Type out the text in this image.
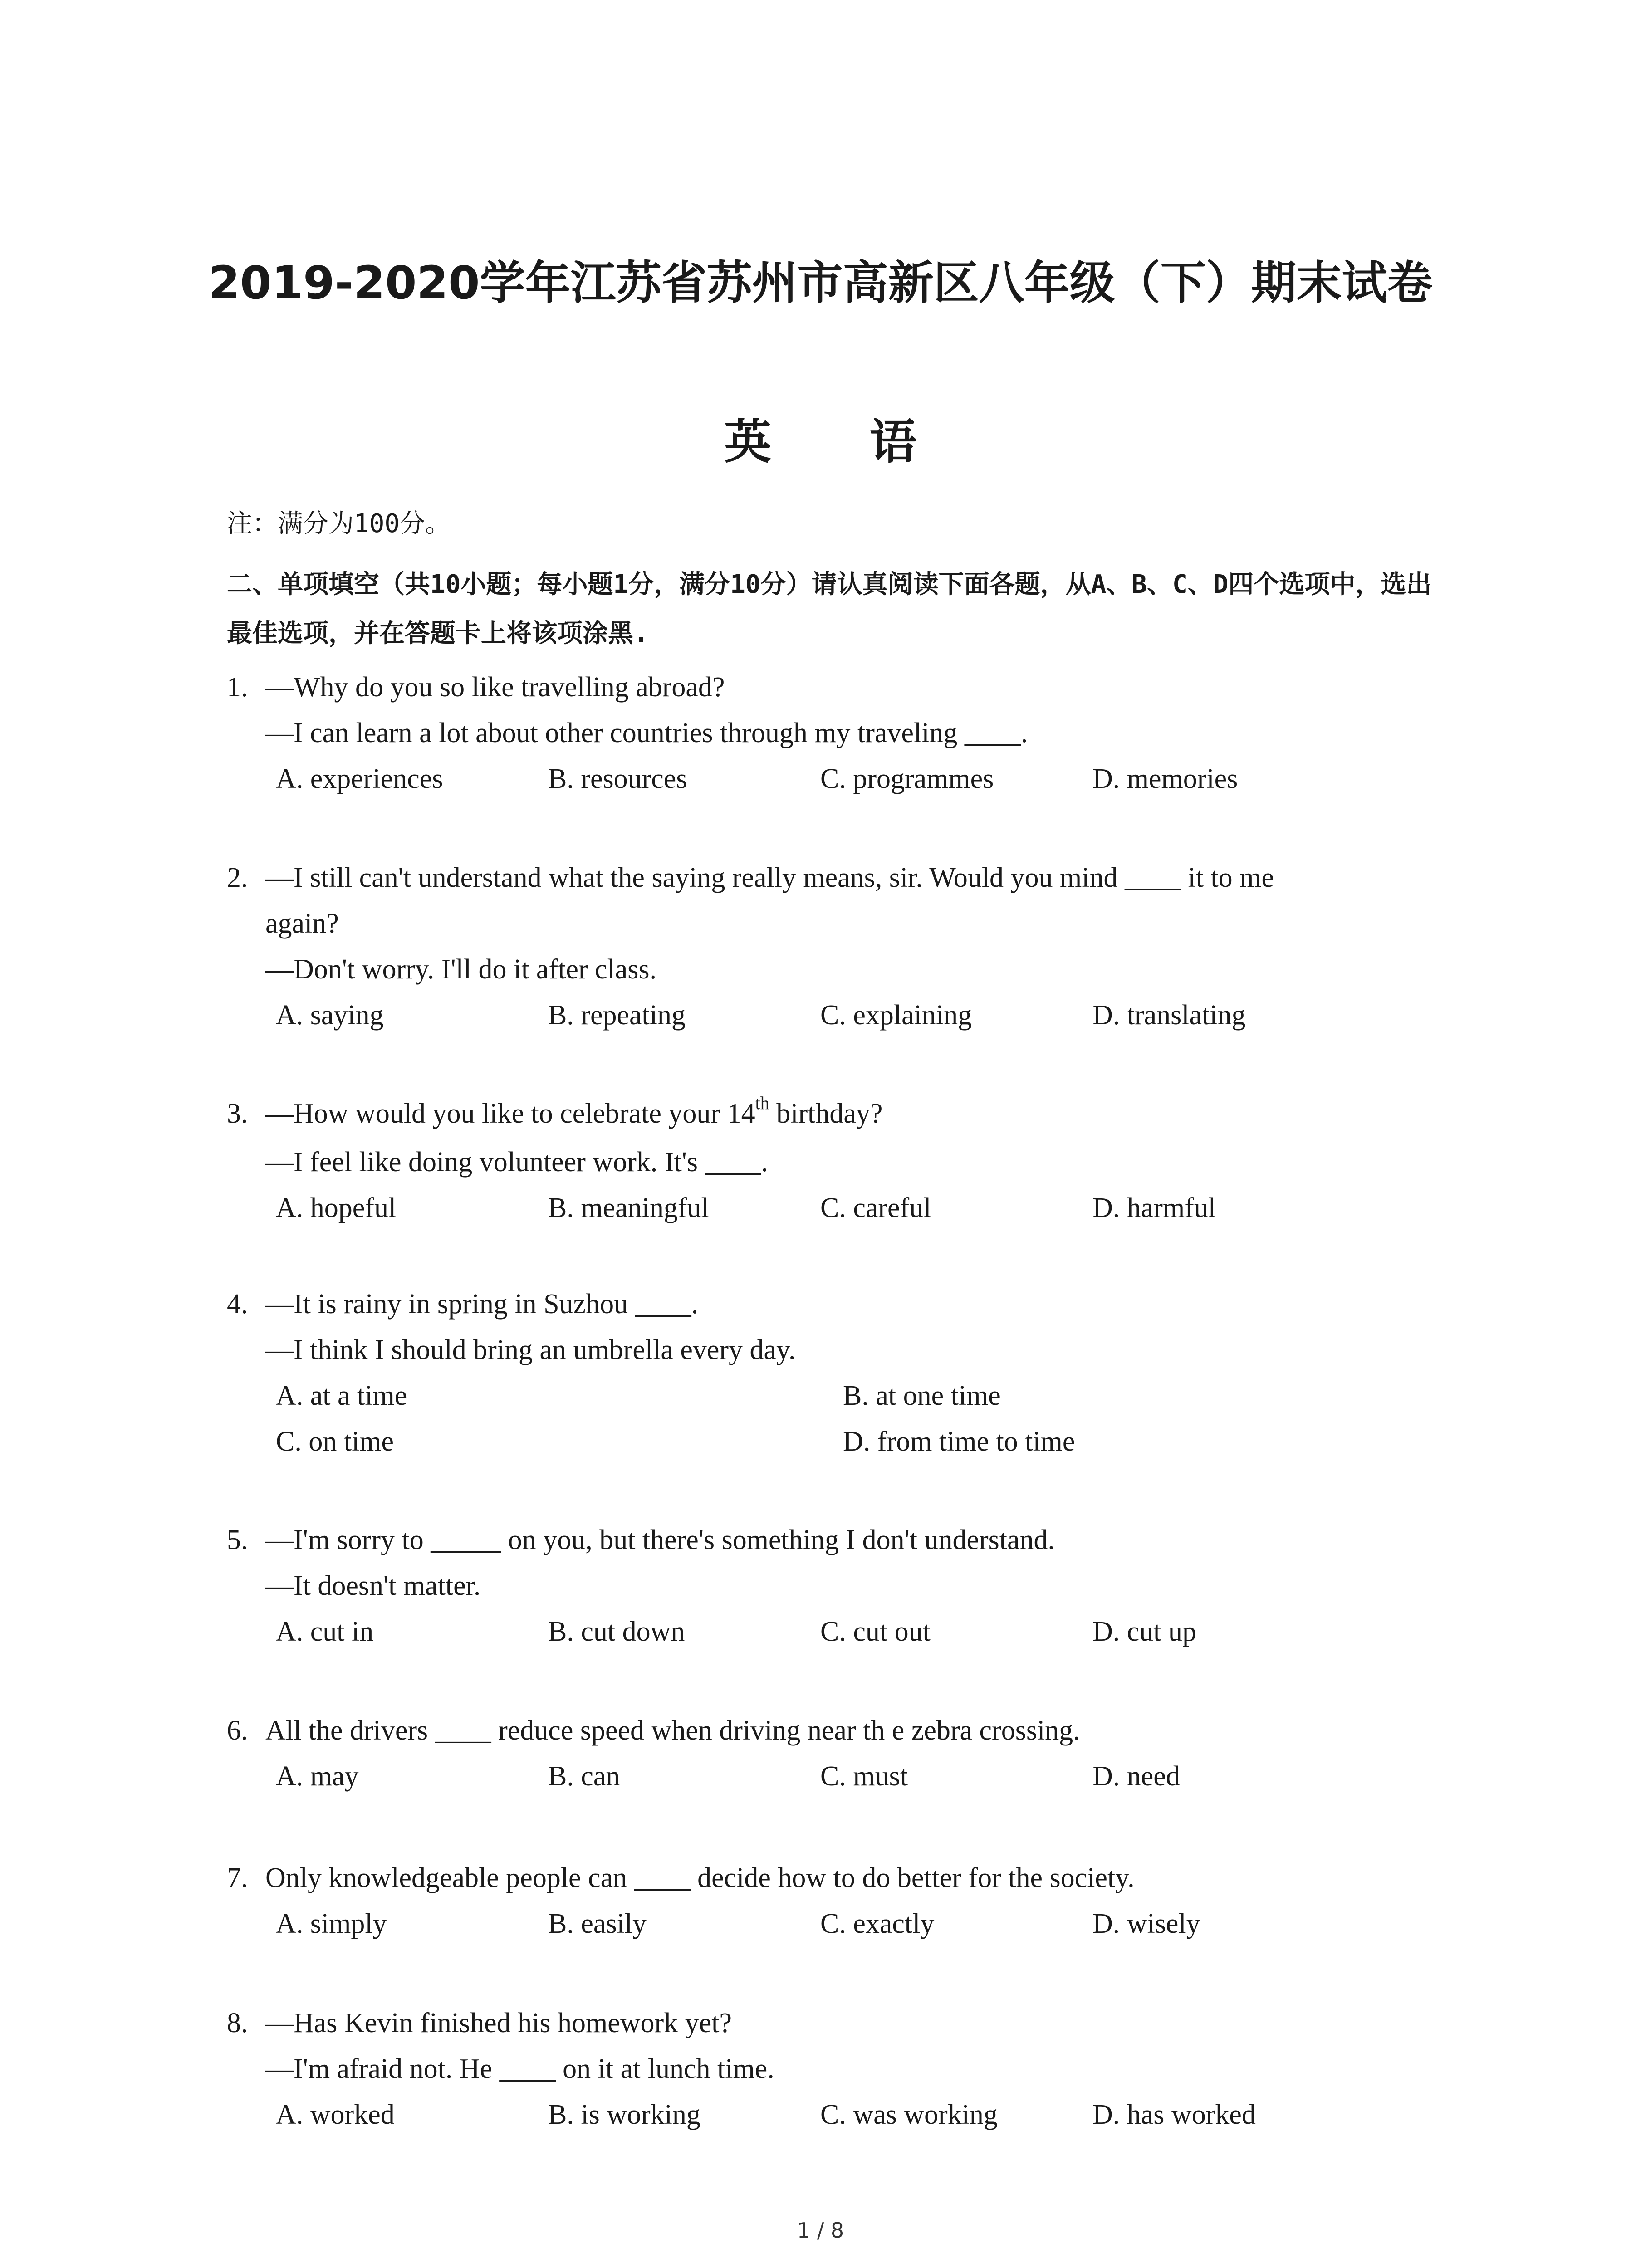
2019-2020学年江苏省苏州市高新区八年级（下）期末试卷
英 语

注：满分为100分。

二、单项填空（共10小题；每小题1分，满分10分）请认真阅读下面各题，从A、B、C、D四个选项中，选出最佳选项，并在答题卡上将该项涂黑.

1. —Why do you so like travelling abroad?
—I can learn a lot about other countries through my traveling ____.
A. experiences	B. resources	C. programmes	D. memories
2. —I still can't understand what the saying really means, sir. Would you mind ____ it to me
again?
—Don't worry. I'll do it after class.
A. saying	B. repeating	C. explaining	D. translating
3. —How would you like to celebrate your 14th birthday?
—I feel like doing volunteer work. It's ____.
A. hopeful	B. meaningful	C. careful	D. harmful
4. —It is rainy in spring in Suzhou ____.
—I think I should bring an umbrella every day.
A. at a time	B. at one time
C. on time	D. from time to time
5. —I'm sorry to _____ on you, but there's something I don't understand.
—It doesn't matter.
A. cut in	B. cut down	C. cut out	D. cut up
6. All the drivers ____ reduce speed when driving near th e zebra crossing.
A. may	B. can	C. must	D. need
7. Only knowledgeable people can ____ decide how to do better for the society.
A. simply	B. easily	C. exactly	D. wisely
8. —Has Kevin finished his homework yet?
—I'm afraid not. He ____ on it at lunch time.
A. worked	B. is working	C. was working	D. has worked
1 / 8
